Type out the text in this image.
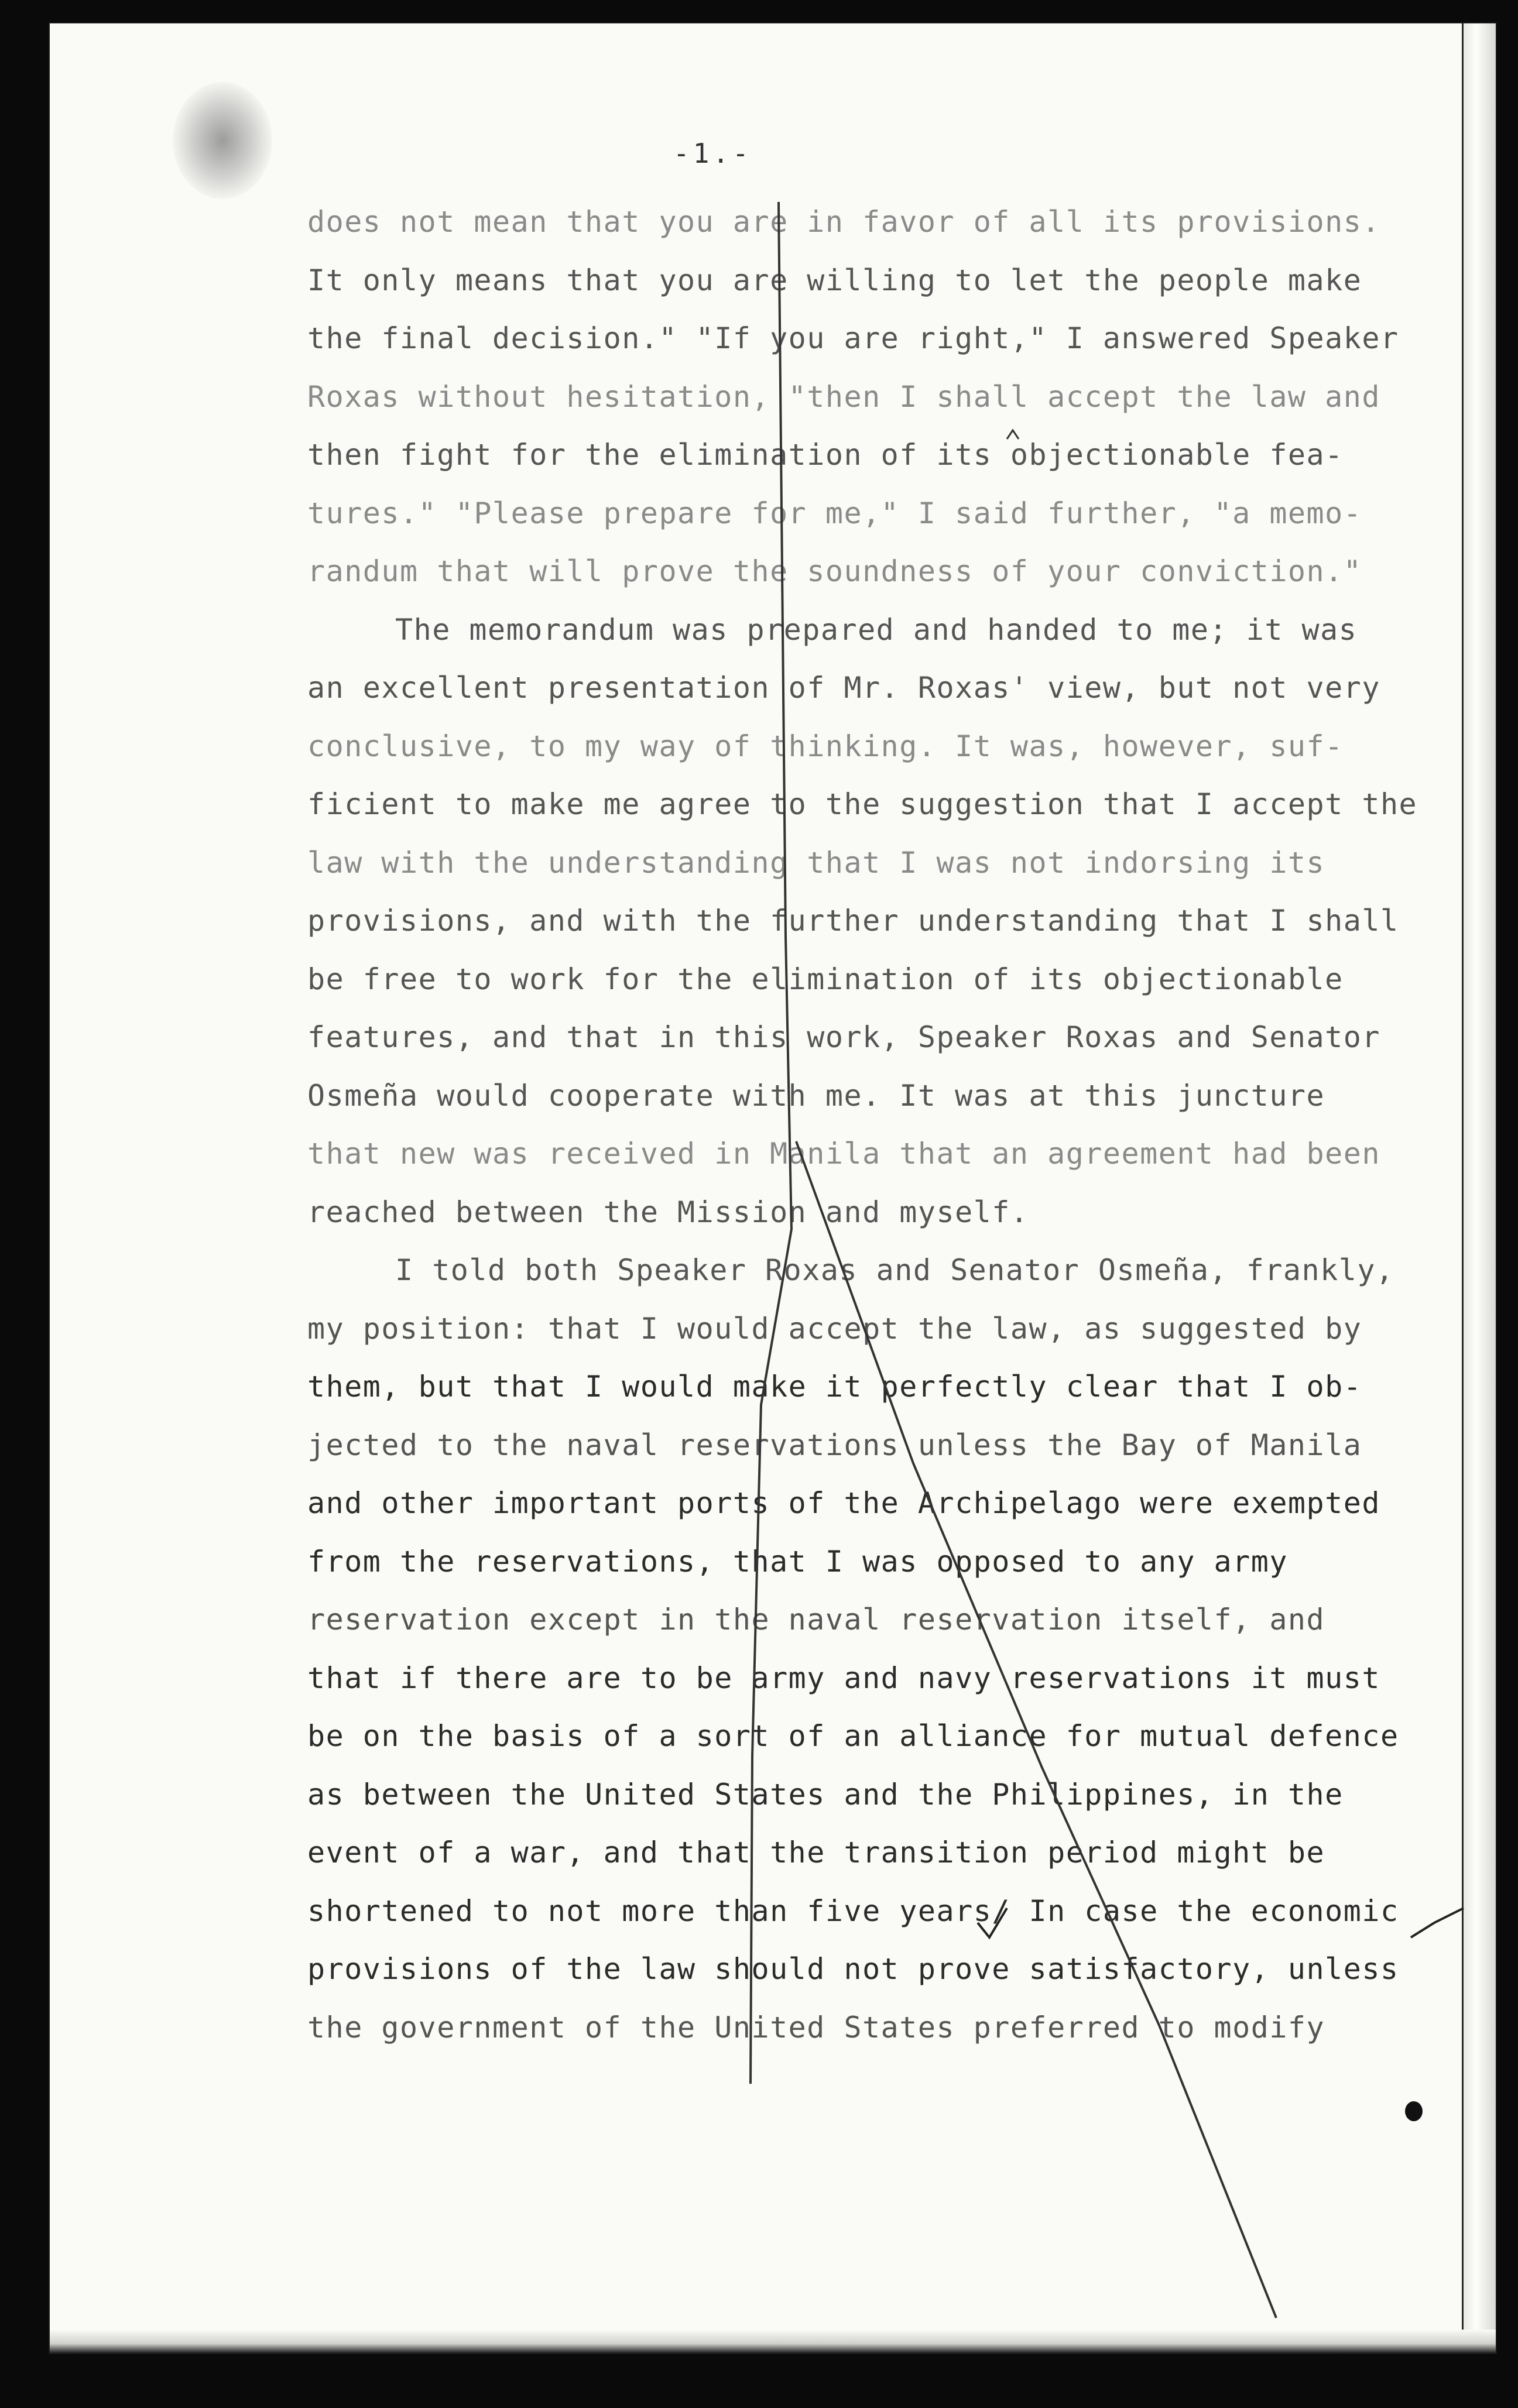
-1.-
does not mean that you are in favor of all its provisions.
It only means that you are willing to let the people make
the final decision." "If you are right," I answered Speaker
Roxas without hesitation, "then I shall accept the law and
then fight for the elimination of its objectionable fea-
tures." "Please prepare for me," I said further, "a memo-
randum that will prove the soundness of your conviction."
The memorandum was prepared and handed to me; it was
an excellent presentation of Mr. Roxas' view, but not very
conclusive, to my way of thinking. It was, however, suf-
ficient to make me agree to the suggestion that I accept the
law with the understanding that I was not indorsing its
provisions, and with the further understanding that I shall
be free to work for the elimination of its objectionable
features, and that in this work, Speaker Roxas and Senator
Osmeña would cooperate with me. It was at this juncture
that new was received in Manila that an agreement had been
reached between the Mission and myself.
I told both Speaker Roxas and Senator Osmeña, frankly,
my position: that I would accept the law, as suggested by
them, but that I would make it perfectly clear that I ob-
jected to the naval reservations unless the Bay of Manila
and other important ports of the Archipelago were exempted
from the reservations, that I was opposed to any army
reservation except in the naval reservation itself, and
that if there are to be army and navy reservations it must
be on the basis of a sort of an alliance for mutual defence
as between the United States and the Philippines, in the
event of a war, and that the transition period might be
shortened to not more than five years/ In case the economic
provisions of the law should not prove satisfactory, unless
the government of the United States preferred to modify
